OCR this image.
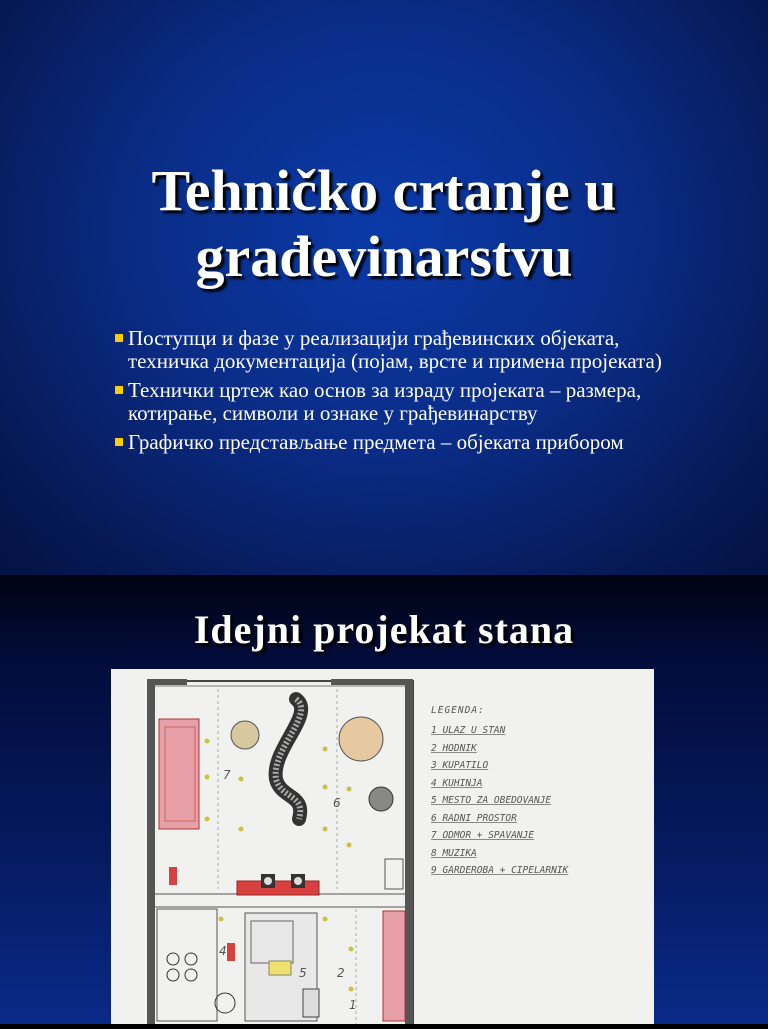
Tehničko crtanje u
građevinarstvu
Поступци и фазе у реализацији грађевинских објеката, техничка документација (појам, врсте и примена пројеката)
Технички цртеж као основ за израду пројеката – размера, котирање, символи и ознаке у грађевинарству
Графичко представљање предмета – објеката прибором
Idejni projekat stana
7
6
4
5	2
1
LEGENDA:
1 ULAZ U STAN
2 HODNIK
3 KUPATILO
4 KUHINJA
5 MESTO ZA OBEDOVANJE
6 RADNI PROSTOR
7 ODMOR + SPAVANJE
8 MUZIKA
9 GARDEROBA + CIPELARNIK
